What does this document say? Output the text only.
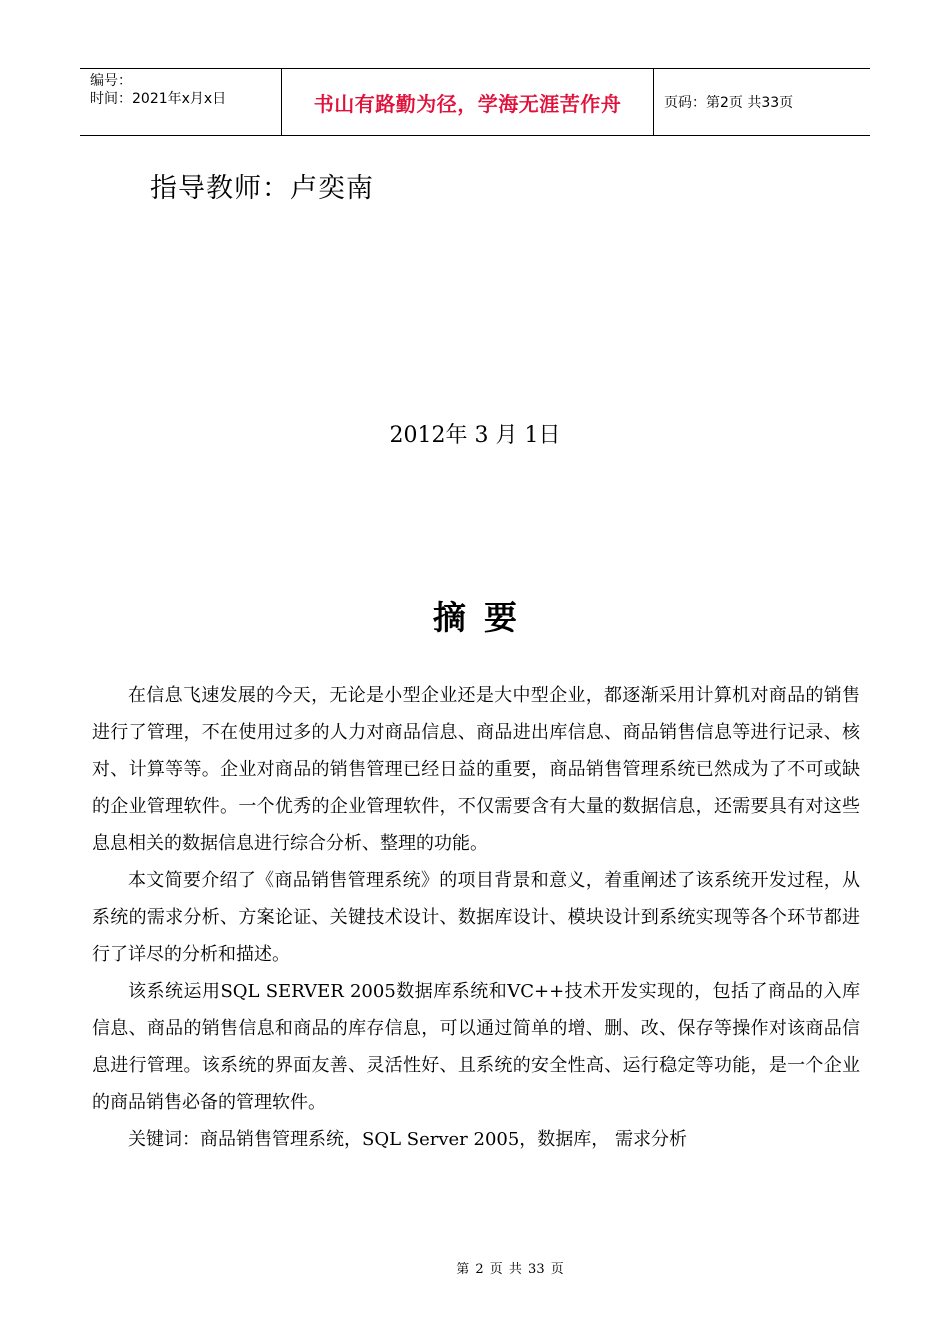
编号：
时间：2021年x月x日	书山有路勤为径，学海无涯苦作舟	页码：第2页 共33页
指导教师：卢奕南
2012年 3 月 1日
摘要

在信息飞速发展的今天，无论是小型企业还是大中型企业，都逐渐采用计算机对商品的销售进行了管理，不在使用过多的人力对商品信息、商品进出库信息、商品销售信息等进行记录、核对、计算等等。企业对商品的销售管理已经日益的重要，商品销售管理系统已然成为了不可或缺的企业管理软件。一个优秀的企业管理软件，不仅需要含有大量的数据信息，还需要具有对这些息息相关的数据信息进行综合分析、整理的功能。

本文简要介绍了《商品销售管理系统》的项目背景和意义，着重阐述了该系统开发过程，从系统的需求分析、方案论证、关键技术设计、数据库设计、模块设计到系统实现等各个环节都进行了详尽的分析和描述。

该系统运用SQL SERVER 2005数据库系统和VC++技术开发实现的，包括了商品的入库信息、商品的销售信息和商品的库存信息，可以通过简单的增、删、改、保存等操作对该商品信息进行管理。该系统的界面友善、灵活性好、且系统的安全性高、运行稳定等功能，是一个企业的商品销售必备的管理软件。

关键词：商品销售管理系统，SQL Server 2005，数据库， 需求分析

第 2 页 共 33 页
